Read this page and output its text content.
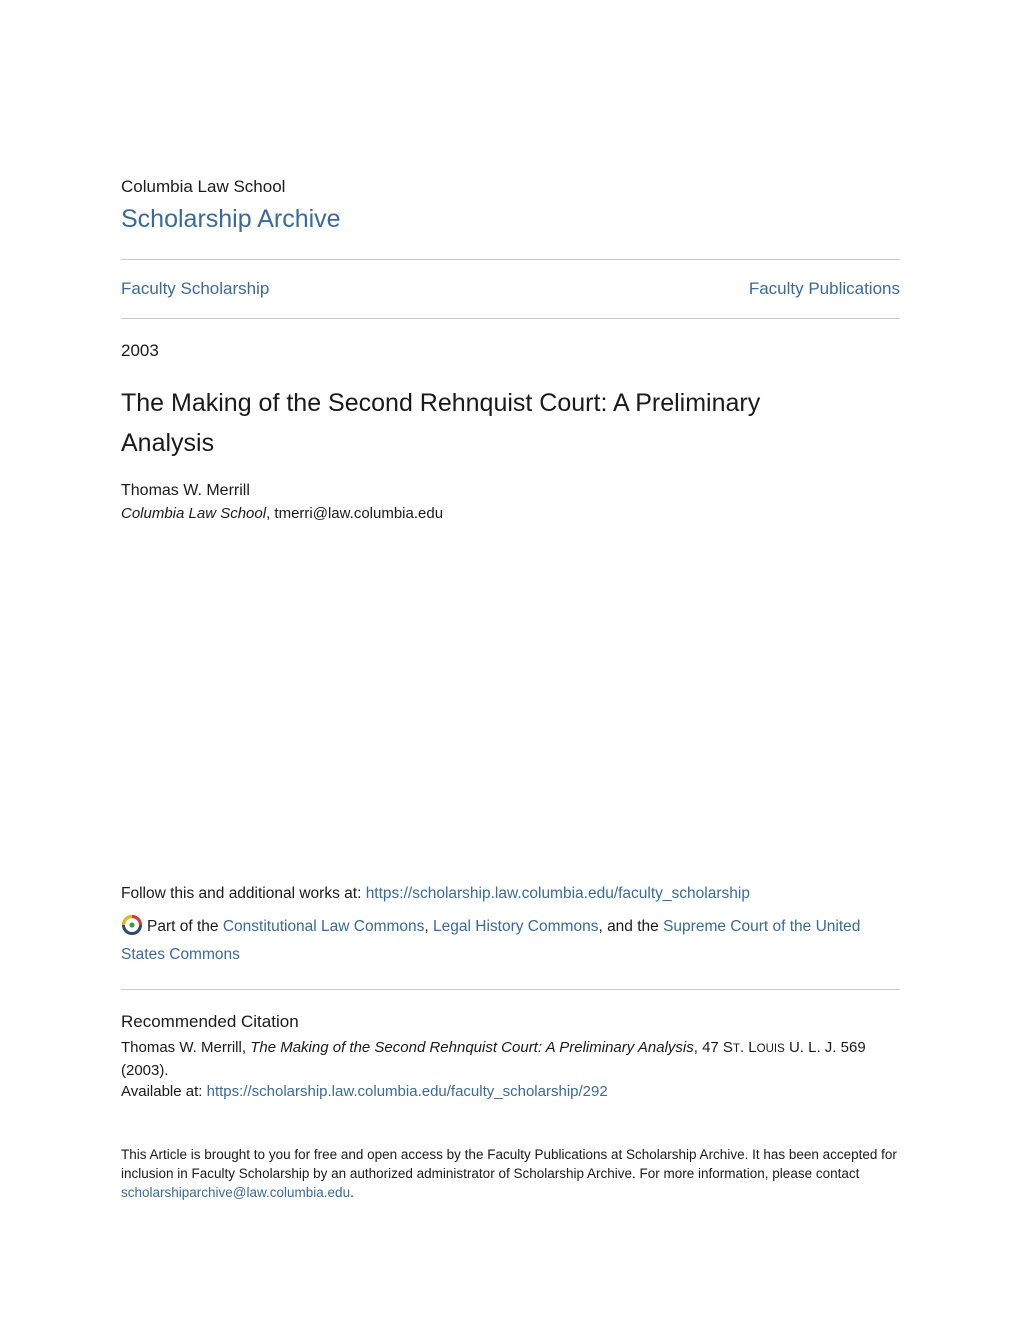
Columbia Law School
Scholarship Archive
Faculty Scholarship	Faculty Publications
2003
The Making of the Second Rehnquist Court: A Preliminary Analysis
Thomas W. Merrill
Columbia Law School, tmerri@law.columbia.edu
Follow this and additional works at: https://scholarship.law.columbia.edu/faculty_scholarship
Part of the Constitutional Law Commons, Legal History Commons, and the Supreme Court of the United States Commons
Recommended Citation
Thomas W. Merrill, The Making of the Second Rehnquist Court: A Preliminary Analysis, 47 ST. LOUIS U. L. J. 569 (2003).
Available at: https://scholarship.law.columbia.edu/faculty_scholarship/292
This Article is brought to you for free and open access by the Faculty Publications at Scholarship Archive. It has been accepted for inclusion in Faculty Scholarship by an authorized administrator of Scholarship Archive. For more information, please contact scholarshiparchive@law.columbia.edu.
